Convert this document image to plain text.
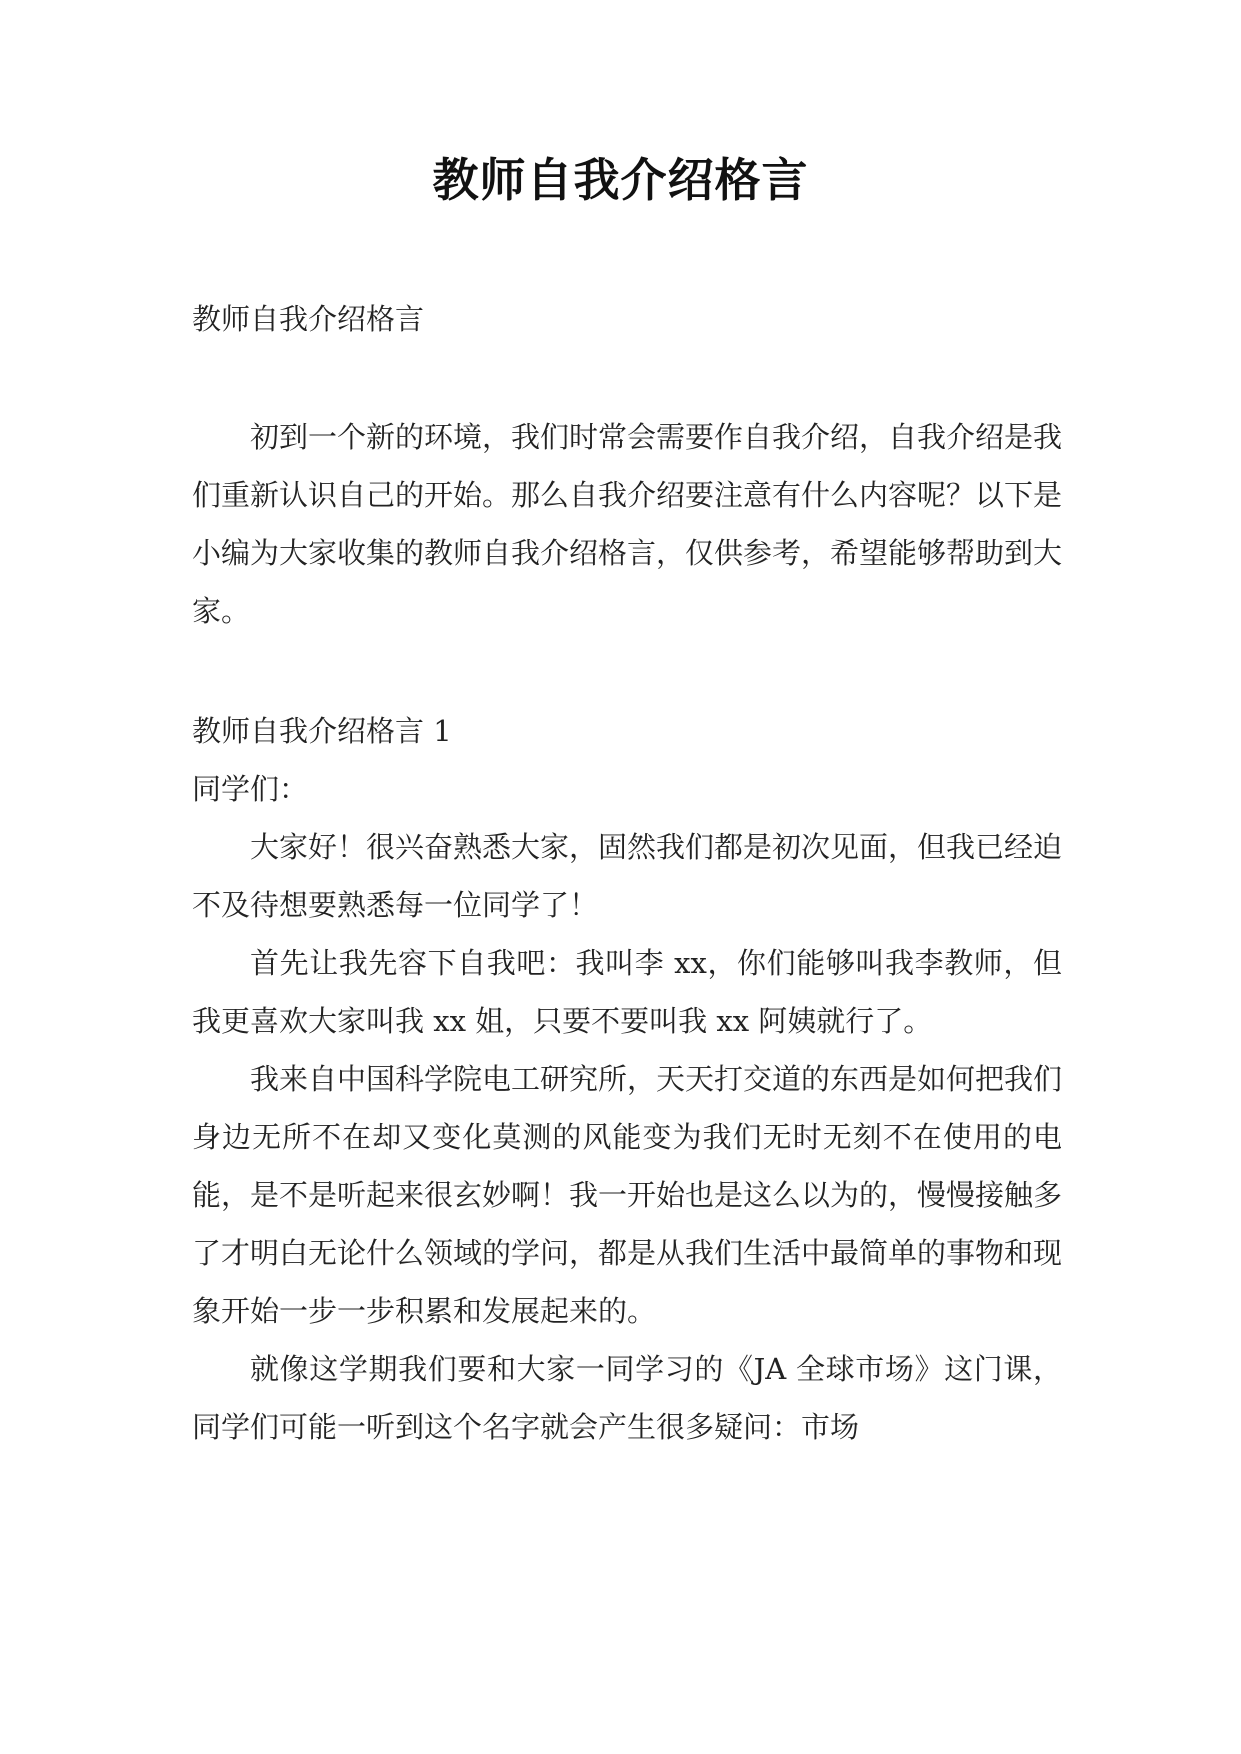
教师自我介绍格言

教师自我介绍格言

初到一个新的环境，我们时常会需要作自我介绍，自我介绍是我们重新认识自己的开始。那么自我介绍要注意有什么内容呢？以下是小编为大家收集的教师自我介绍格言，仅供参考，希望能够帮助到大家。

教师自我介绍格言 1

同学们：

大家好！很兴奋熟悉大家，固然我们都是初次见面，但我已经迫不及待想要熟悉每一位同学了！

首先让我先容下自我吧：我叫李 xx，你们能够叫我李教师，但我更喜欢大家叫我 xx 姐，只要不要叫我 xx 阿姨就行了。

我来自中国科学院电工研究所，天天打交道的东西是如何把我们身边无所不在却又变化莫测的风能变为我们无时无刻不在使用的电能，是不是听起来很玄妙啊！我一开始也是这么以为的，慢慢接触多了才明白无论什么领域的学问，都是从我们生活中最简单的事物和现象开始一步一步积累和发展起来的。

就像这学期我们要和大家一同学习的《JA 全球市场》这门课，同学们可能一听到这个名字就会产生很多疑问：市场
